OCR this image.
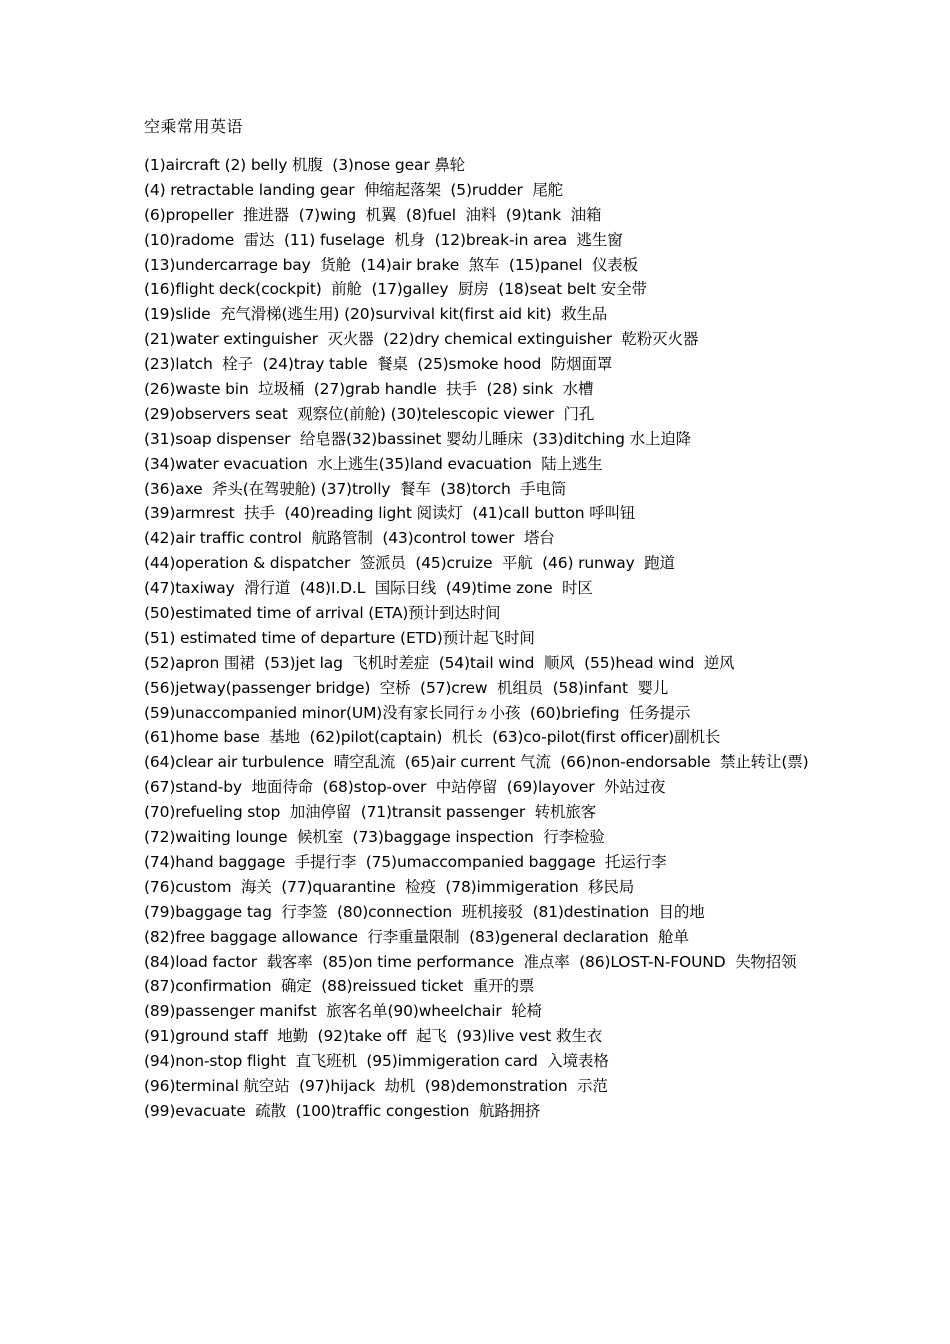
空乘常用英语
(1)aircraft (2) belly 机腹  (3)nose gear 鼻轮
(4) retractable landing gear  伸缩起落架  (5)rudder  尾舵
(6)propeller  推进器  (7)wing  机翼  (8)fuel  油料  (9)tank  油箱
(10)radome  雷达  (11) fuselage  机身  (12)break-in area  逃生窗
(13)undercarrage bay  货舱  (14)air brake  煞车  (15)panel  仪表板
(16)flight deck(cockpit)  前舱  (17)galley  厨房  (18)seat belt 安全带
(19)slide  充气滑梯(逃生用) (20)survival kit(first aid kit)  救生品
(21)water extinguisher  灭火器  (22)dry chemical extinguisher  乾粉灭火器
(23)latch  栓子  (24)tray table  餐桌  (25)smoke hood  防烟面罩
(26)waste bin  垃圾桶  (27)grab handle  扶手  (28) sink  水槽
(29)observers seat  观察位(前舱) (30)telescopic viewer  门孔
(31)soap dispenser  给皂器(32)bassinet 婴幼儿睡床  (33)ditching 水上迫降
(34)water evacuation  水上逃生(35)land evacuation  陆上逃生
(36)axe  斧头(在驾驶舱) (37)trolly  餐车  (38)torch  手电筒
(39)armrest  扶手  (40)reading light 阅读灯  (41)call button 呼叫钮
(42)air traffic control  航路管制  (43)control tower  塔台
(44)operation & dispatcher  签派员  (45)cruize  平航  (46) runway  跑道
(47)taxiway  滑行道  (48)I.D.L  国际日线  (49)time zone  时区
(50)estimated time of arrival (ETA)预计到达时间
(51) estimated time of departure (ETD)预计起飞时间
(52)apron 围裙  (53)jet lag  飞机时差症  (54)tail wind  顺风  (55)head wind  逆风
(56)jetway(passenger bridge)  空桥  (57)crew  机组员  (58)infant  婴儿
(59)unaccompanied minor(UM)没有家长同行ㄉ小孩  (60)briefing  任务提示
(61)home base  基地  (62)pilot(captain)  机长  (63)co-pilot(first officer)副机长
(64)clear air turbulence  晴空乱流  (65)air current 气流  (66)non-endorsable  禁止转让(票)
(67)stand-by  地面待命  (68)stop-over  中站停留  (69)layover  外站过夜
(70)refueling stop  加油停留  (71)transit passenger  转机旅客
(72)waiting lounge  候机室  (73)baggage inspection  行李检验
(74)hand baggage  手提行李  (75)umaccompanied baggage  托运行李
(76)custom  海关  (77)quarantine  检疫  (78)immigeration  移民局
(79)baggage tag  行李签  (80)connection  班机接驳  (81)destination  目的地
(82)free baggage allowance  行李重量限制  (83)general declaration  舱单
(84)load factor  载客率  (85)on time performance  准点率  (86)LOST-N-FOUND  失物招领
(87)confirmation  确定  (88)reissued ticket  重开的票
(89)passenger manifst  旅客名单(90)wheelchair  轮椅
(91)ground staff  地勤  (92)take off  起飞  (93)live vest 救生衣
(94)non-stop flight  直飞班机  (95)immigeration card  入境表格
(96)terminal 航空站  (97)hijack  劫机  (98)demonstration  示范
(99)evacuate  疏散  (100)traffic congestion  航路拥挤
